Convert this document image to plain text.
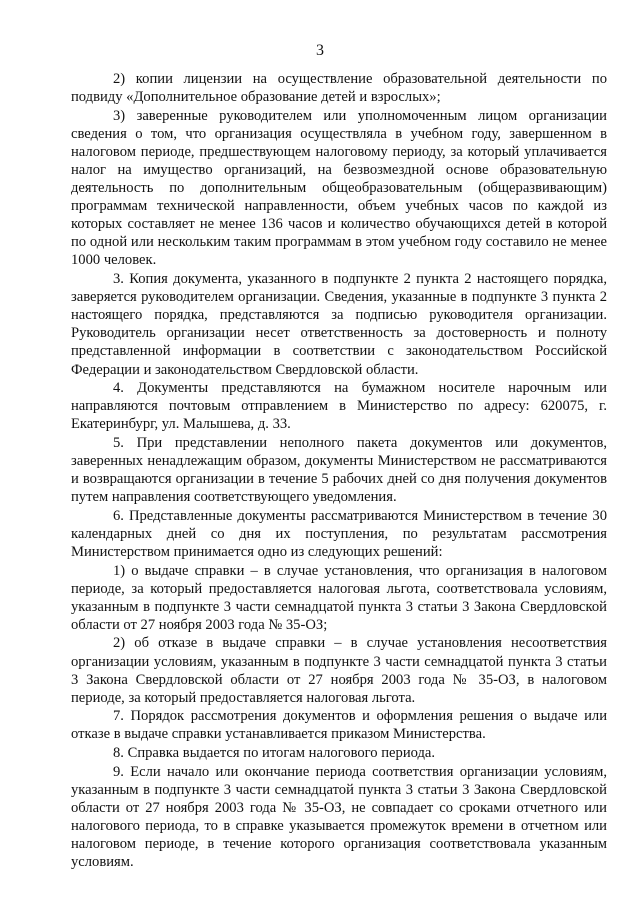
3

2) копии лицензии на осуществление образовательной деятельности по подвиду «Дополнительное образование детей и взрослых»;

3) заверенные руководителем или уполномоченным лицом организации сведения о том, что организация осуществляла в учебном году, завершенном в налоговом периоде, предшествующем налоговому периоду, за который уплачивается налог на имущество организаций, на безвозмездной основе образовательную деятельность по дополнительным общеобразовательным (общеразвивающим) программам технической направленности, объем учебных часов по каждой из которых составляет не менее 136 часов и количество обучающихся детей в которой по одной или нескольким таким программам в этом учебном году составило не менее 1000 человек.

3. Копия документа, указанного в подпункте 2 пункта 2 настоящего порядка, заверяется руководителем организации. Сведения, указанные в подпункте 3 пункта 2 настоящего порядка, представляются за подписью руководителя организации. Руководитель организации несет ответственность за достоверность и полноту представленной информации в соответствии с законодательством Российской Федерации и законодательством Свердловской области.

4. Документы представляются на бумажном носителе нарочным или направляются почтовым отправлением в Министерство по адресу: 620075, г. Екатеринбург, ул. Малышева, д. 33.

5. При представлении неполного пакета документов или документов, заверенных ненадлежащим образом, документы Министерством не рассматриваются и возвращаются организации в течение 5 рабочих дней со дня получения документов путем направления соответствующего уведомления.

6. Представленные документы рассматриваются Министерством в течение 30 календарных дней со дня их поступления, по результатам рассмотрения Министерством принимается одно из следующих решений:

1) о выдаче справки – в случае установления, что организация в налоговом периоде, за который предоставляется налоговая льгота, соответствовала условиям, указанным в подпункте 3 части семнадцатой пункта 3 статьи 3 Закона Свердловской области от 27 ноября 2003 года № 35-ОЗ;

2) об отказе в выдаче справки – в случае установления несоответствия организации условиям, указанным в подпункте 3 части семнадцатой пункта 3 статьи 3 Закона Свердловской области от 27 ноября 2003 года № 35-ОЗ, в налоговом периоде, за который предоставляется налоговая льгота.

7. Порядок рассмотрения документов и оформления решения о выдаче или отказе в выдаче справки устанавливается приказом Министерства.

8. Справка выдается по итогам налогового периода.

9. Если начало или окончание периода соответствия организации условиям, указанным в подпункте 3 части семнадцатой пункта 3 статьи 3 Закона Свердловской области от 27 ноября 2003 года № 35-ОЗ, не совпадает со сроками отчетного или налогового периода, то в справке указывается промежуток времени в отчетном или налоговом периоде, в течение которого организация соответствовала указанным условиям.
